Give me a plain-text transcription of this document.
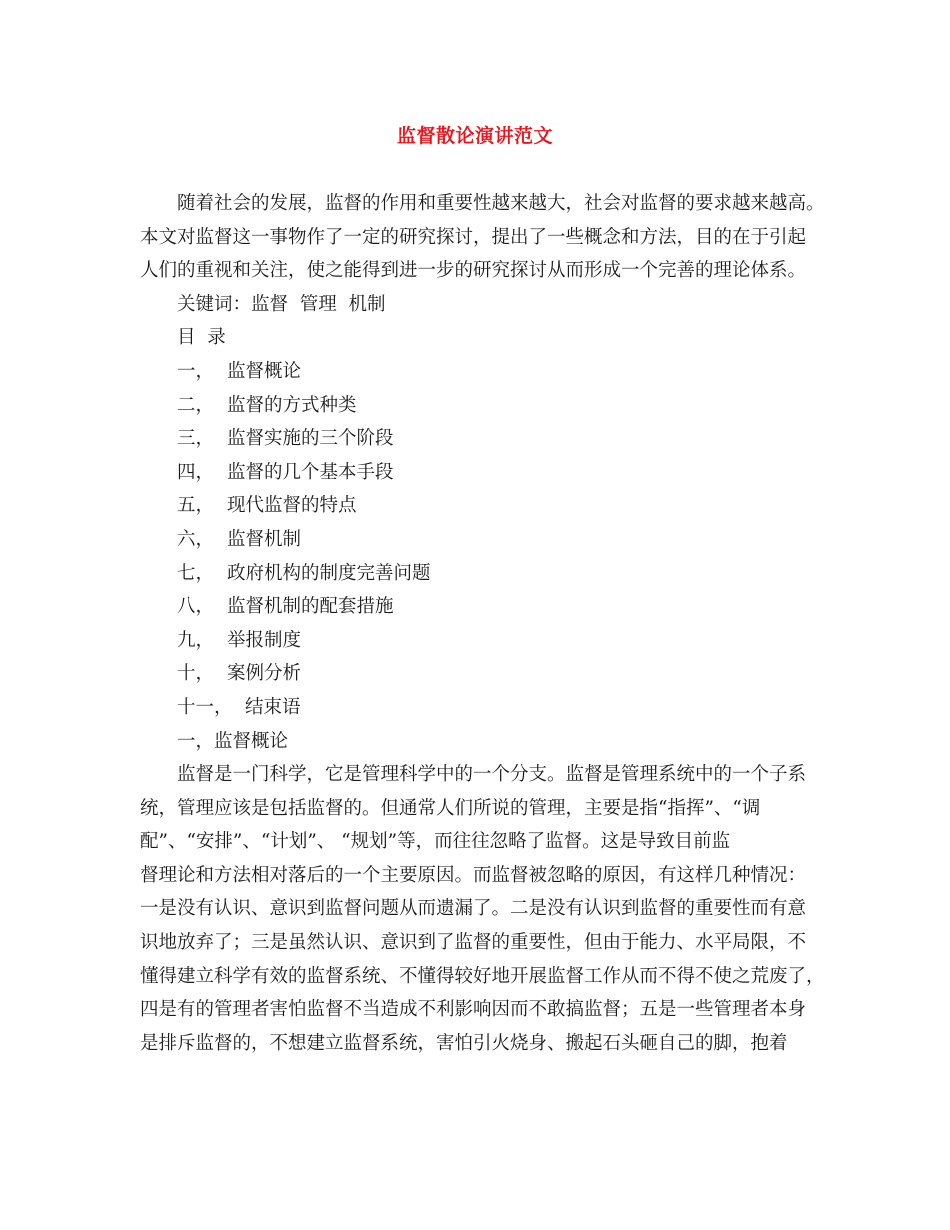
监督散论演讲范文
随着社会的发展，监督的作用和重要性越来越大，社会对监督的要求越来越高。
本文对监督这一事物作了一定的研究探讨，提出了一些概念和方法，目的在于引起
人们的重视和关注，使之能得到进一步的研究探讨从而形成一个完善的理论体系。
关键词：监督  管理  机制
目  录
一， 监督概论
二， 监督的方式种类
三， 监督实施的三个阶段
四， 监督的几个基本手段
五， 现代监督的特点
六， 监督机制
七， 政府机构的制度完善问题
八， 监督机制的配套措施
九， 举报制度
十， 案例分析
十一， 结束语
一，监督概论
监督是一门科学，它是管理科学中的一个分支。监督是管理系统中的一个子系
统，管理应该是包括监督的。但通常人们所说的管理，主要是指“指挥”、“调
配”、“安排”、“计划”、 “规划”等，而往往忽略了监督。这是导致目前监
督理论和方法相对落后的一个主要原因。而监督被忽略的原因，有这样几种情况：
一是没有认识、意识到监督问题从而遗漏了。二是没有认识到监督的重要性而有意
识地放弃了；三是虽然认识、意识到了监督的重要性，但由于能力、水平局限，不
懂得建立科学有效的监督系统、不懂得较好地开展监督工作从而不得不使之荒废了，
四是有的管理者害怕监督不当造成不利影响因而不敢搞监督；五是一些管理者本身
是排斥监督的，不想建立监督系统，害怕引火烧身、搬起石头砸自己的脚，抱着
